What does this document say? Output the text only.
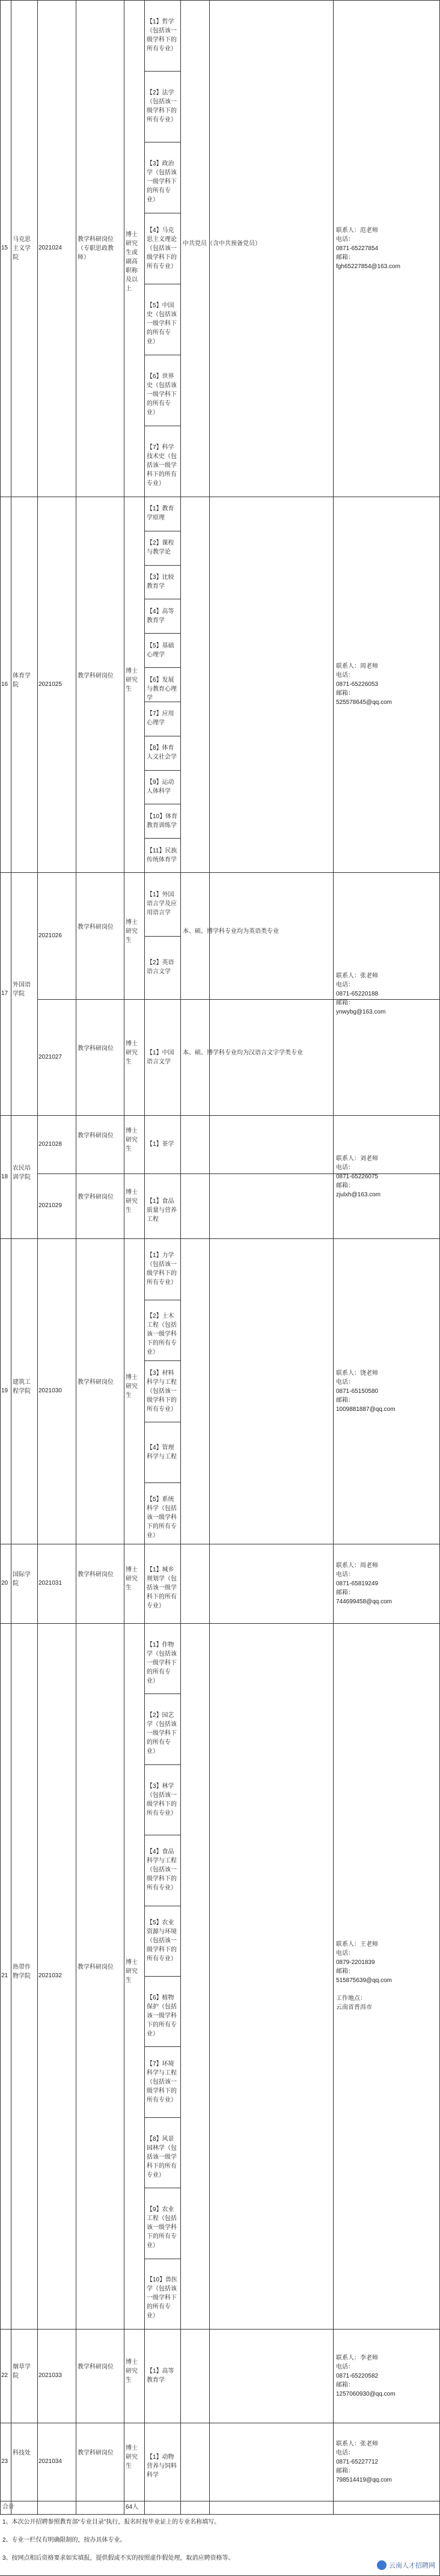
15
马克思主义学院
联系人：范老师
电话：
0871-65227854
邮箱：
fgh65227854@163.com
2021024
教学科研岗位（专职思政教师）
博士研究生或副高职称及以上
中共党员（含中共预备党员）
【1】哲学（包括该一级学科下的所有专业）
【2】法学（包括该一级学科下的所有专业）
【3】政治学（包括该一级学科下的所有专业）
【4】马克思主义理论（包括该一级学科下的所有专业）
【5】中国史（包括该一级学科下的所有专业）
【6】世界史（包括该一级学科下的所有专业）
【7】科学技术史（包括该一级学科下的所有专业）
16
体育学院
联系人：周老师
电话：
0871-65226053
邮箱：
525578645@qq.com
2021025
教学科研岗位
博士研究生
【1】教育学原理
【2】课程与教学论
【3】比较教育学
【4】高等教育学
【5】基础心理学
【6】发展与教育心理学
【7】应用心理学
【8】体育人文社会学
【9】运动人体科学
【10】体育教育训练学
【11】民族传统体育学
17
外国语学院
联系人：张老师
电话：
0871-65220188
邮箱：
ynwybg@163.com
2021026
教学科研岗位
博士研究生
本、硕、博学科专业均为英语类专业
【1】外国语言学及应用语言学
【2】英语语言文学
2021027
教学科研岗位
博士研究生
本、硕、博学科专业均为汉语言文字学类专业
【1】中国语言文学
18
农民培训学院
联系人：刘老师
电话：
0871-65226075
邮箱：
zjulxh@163.com
2021028
教学科研岗位
博士研究生
【1】茶学
2021029
教学科研岗位
博士研究生
【1】食品质量与营养工程
19
建筑工程学院
联系人：饶老师
电话：
0871-65150580
邮箱：
1009881887@qq.com
2021030
教学科研岗位
博士研究生
【1】力学（包括该一级学科下的所有专业）
【2】土木工程（包括该一级学科下的所有专业）
【3】材料科学与工程（包括该一级学科下的所有专业）
【4】管理科学与工程
【5】系统科学（包括该一级学科下的所有专业）
20
国际学院
联系人：周老师
电话：
0871-65819249
邮箱：
744699458@qq.com
2021031
教学科研岗位
博士研究生
【1】城乡规划学（包括该一级学科下的所有专业）
21
热带作物学院
联系人：王老师
电话：
0879-2201839
邮箱：
515875639@qq.com

工作地点：
云南省普洱市
2021032
教学科研岗位
博士研究生
【1】作物学（包括该一级学科下的所有专业）
【2】园艺学（包括该一级学科下的所有专业）
【3】林学（包括该一级学科下的所有专业）
【4】食品科学与工程（包括该一级学科下的所有专业）
【5】农业资源与环境（包括该一级学科下的所有专业）
【6】植物保护（包括该一级学科下的所有专业）
【7】环境科学与工程（包括该一级学科下的所有专业）
【8】风景园林学（包括该一级学科下的所有专业）
【9】农业工程（包括该一级学科下的所有专业）
【10】兽医学（包括该一级学科下的所有专业）
22
烟草学院
联系人：李老师
电话：
0871-65220582
邮箱：
1257060930@qq.com
2021033
教学科研岗位
博士研究生
【1】高等教育学
23
科技处
联系人：张老师
电话：
0871-65227712
邮箱：
798514419@qq.com
2021034
教学科研岗位
博士研究生
【1】动物营养与饲料科学
合计	64人
1、本次公开招聘参照教育部“专业目录”执行，报名时按毕业证上的专业名称填写。
2、专业一栏仅有明确限制的，按办具体专业。
3、按网点相后资格要求如实填报，提供假或不实的按照虚作假处理，取消应聘资格等。
云南人才招聘网
